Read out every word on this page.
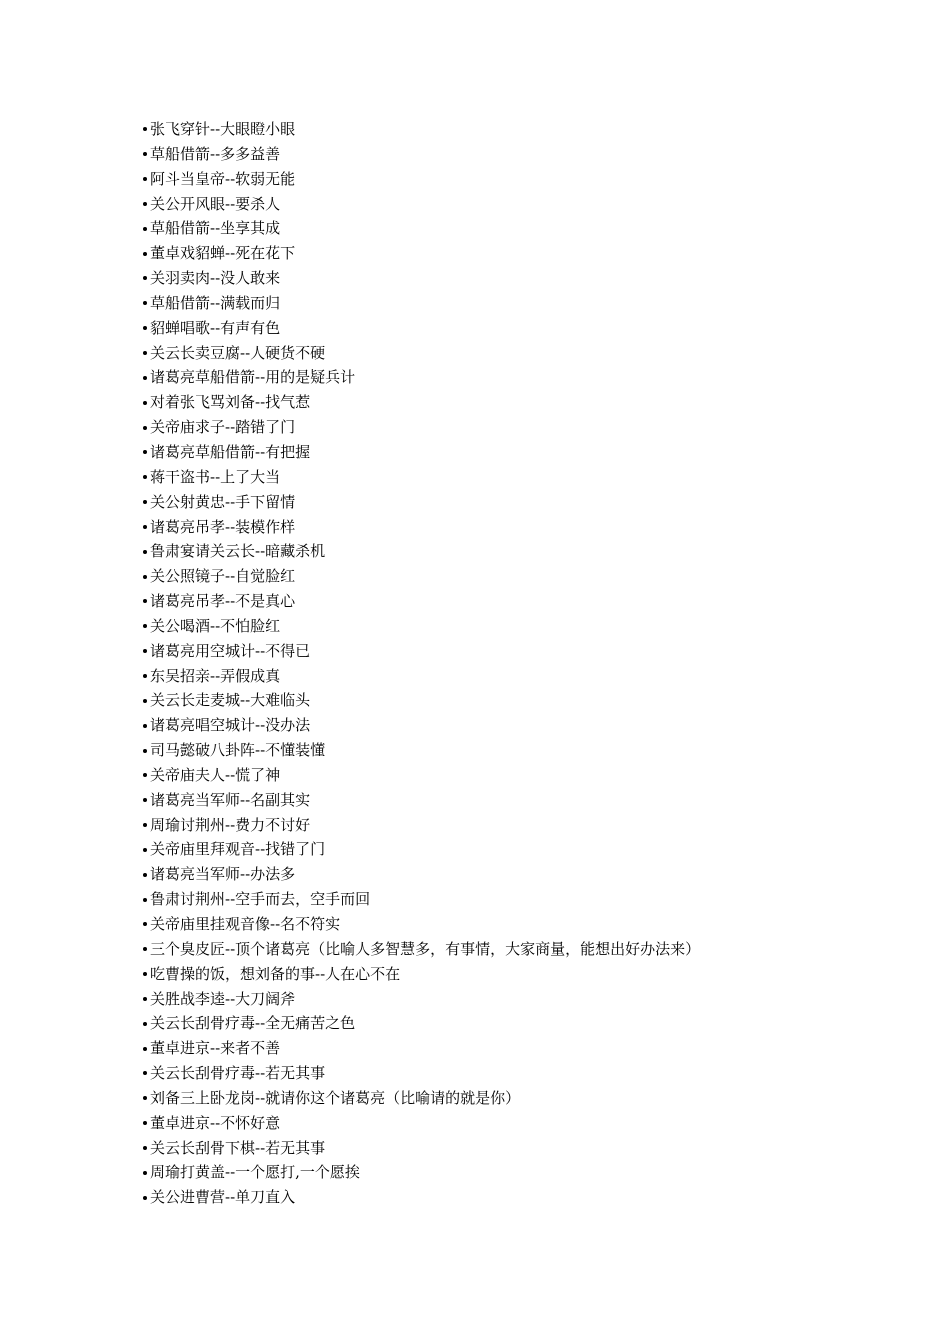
张飞穿针--大眼瞪小眼
草船借箭--多多益善
阿斗当皇帝--软弱无能
关公开风眼--要杀人
草船借箭--坐享其成
董卓戏貂蝉--死在花下
关羽卖肉--没人敢来
草船借箭--满载而归
貂蝉唱歌--有声有色
关云长卖豆腐--人硬货不硬
诸葛亮草船借箭--用的是疑兵计
对着张飞骂刘备--找气惹
关帝庙求子--踏错了门
诸葛亮草船借箭--有把握
蒋干盗书--上了大当
关公射黄忠--手下留情
诸葛亮吊孝--装模作样
鲁肃宴请关云长--暗藏杀机
关公照镜子--自觉脸红
诸葛亮吊孝--不是真心
关公喝酒--不怕脸红
诸葛亮用空城计--不得已
东吴招亲--弄假成真
关云长走麦城--大难临头
诸葛亮唱空城计--没办法
司马懿破八卦阵--不懂装懂
关帝庙夫人--慌了神
诸葛亮当军师--名副其实
周瑜讨荆州--费力不讨好
关帝庙里拜观音--找错了门
诸葛亮当军师--办法多
鲁肃讨荆州--空手而去，空手而回
关帝庙里挂观音像--名不符实
三个臭皮匠--顶个诸葛亮（比喻人多智慧多，有事情，大家商量，能想出好办法来）
吃曹操的饭，想刘备的事--人在心不在
关胜战李逵--大刀阔斧
关云长刮骨疗毒--全无痛苦之色
董卓进京--来者不善
关云长刮骨疗毒--若无其事
刘备三上卧龙岗--就请你这个诸葛亮（比喻请的就是你）
董卓进京--不怀好意
关云长刮骨下棋--若无其事
周瑜打黄盖--一个愿打,一个愿挨
关公进曹营--单刀直入
